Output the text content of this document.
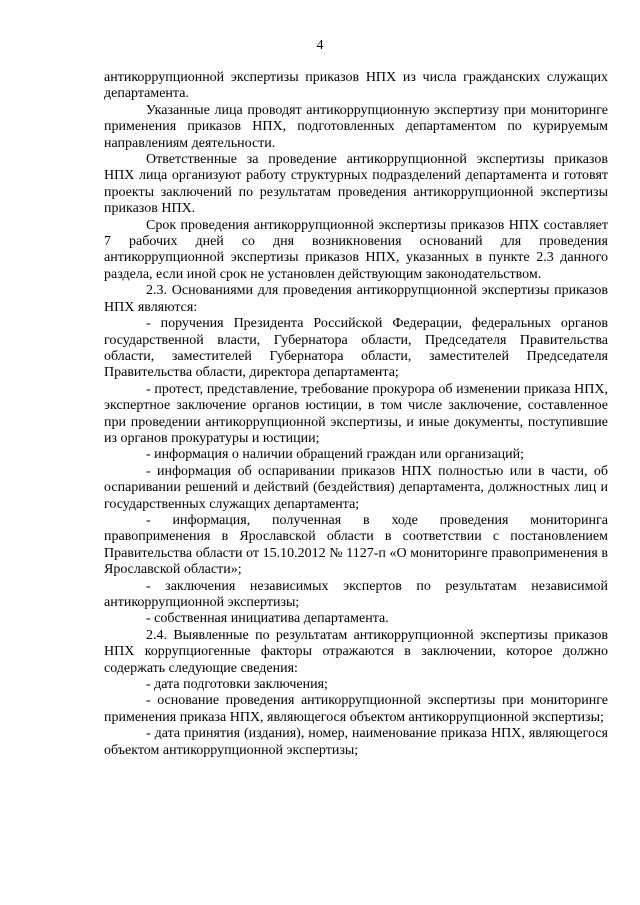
4

антикоррупционной экспертизы приказов НПХ из числа гражданских служащих департамента.

Указанные лица проводят антикоррупционную экспертизу при мониторинге применения приказов НПХ, подготовленных департаментом по курируемым направлениям деятельности.

Ответственные за проведение антикоррупционной экспертизы приказов НПХ лица организуют работу структурных подразделений департамента и готовят проекты заключений по результатам проведения антикоррупционной экспертизы приказов НПХ.

Срок проведения антикоррупционной экспертизы приказов НПХ составляет 7 рабочих дней со дня возникновения оснований для проведения антикоррупционной экспертизы приказов НПХ, указанных в пункте 2.3 данного раздела, если иной срок не установлен действующим законодательством.

2.3. Основаниями для проведения антикоррупционной экспертизы приказов НПХ являются:

- поручения Президента Российской Федерации, федеральных органов государственной власти, Губернатора области, Председателя Правительства области, заместителей Губернатора области, заместителей Председателя Правительства области, директора департамента;

- протест, представление, требование прокурора об изменении приказа НПХ, экспертное заключение органов юстиции, в том числе заключение, составленное при проведении антикоррупционной экспертизы, и иные документы, поступившие из органов прокуратуры и юстиции;

- информация о наличии обращений граждан или организаций;

- информация об оспаривании приказов НПХ полностью или в части, об оспаривании решений и действий (бездействия) департамента, должностных лиц и государственных служащих департамента;

- информация, полученная в ходе проведения мониторинга правоприменения в Ярославской области в соответствии с постановлением Правительства области от 15.10.2012 № 1127-п «О мониторинге правоприменения в Ярославской области»;

- заключения независимых экспертов по результатам независимой антикоррупционной экспертизы;

- собственная инициатива департамента.

2.4. Выявленные по результатам антикоррупционной экспертизы приказов НПХ коррупциогенные факторы отражаются в заключении, которое должно содержать следующие сведения:

- дата подготовки заключения;

- основание проведения антикоррупционной экспертизы при мониторинге применения приказа НПХ, являющегося объектом антикоррупционной экспертизы;

- дата принятия (издания), номер, наименование приказа НПХ, являющегося объектом антикоррупционной экспертизы;
